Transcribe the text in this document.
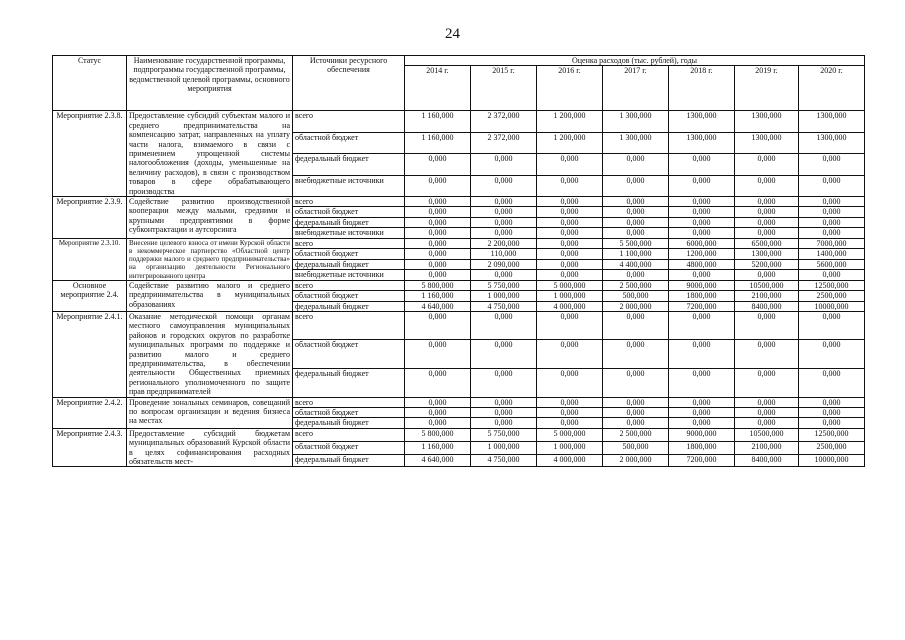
24
Статус	Наименование государственной программы, подпрограммы государственной программы, ведомственной целевой программы, основного мероприятия	Источники ресурсного обеспечения	Оценка расходов (тыс. рублей), годы						
			2014 г.	2015 г.	2016 г.	2017 г.	2018 г.	2019 г.	2020 г.
Мероприятие 2.3.8.	Предоставление субсидий субъектам малого и среднего предпринимательства на компенсацию затрат, направленных на уплату части налога, взимаемого в связи с применением упрощенной системы налогообложения (доходы, уменьшенные на величину расходов), в связи с производством товаров в сфере обрабатывающего производства	всего	1 160,000	2 372,000	1 200,000	1 300,000	1300,000	1300,000	1300,000
		областной бюджет	1 160,000	2 372,000	1 200,000	1 300,000	1300,000	1300,000	1300,000
		федеральный бюджет	0,000	0,000	0,000	0,000	0,000	0,000	0,000
		внебюджетные источники	0,000	0,000	0,000	0,000	0,000	0,000	0,000
Мероприятие 2.3.9.	Содействие развитию производственной кооперации между малыми, средними и крупными предприятиями в форме субконтрактации и аутсорсинга	всего	0,000	0,000	0,000	0,000	0,000	0,000	0,000
		областной бюджет	0,000	0,000	0,000	0,000	0,000	0,000	0,000
		федеральный бюджет	0,000	0,000	0,000	0,000	0,000	0,000	0,000
		внебюджетные источники	0,000	0,000	0,000	0,000	0,000	0,000	0,000
Мероприятие 2.3.10.	Внесение целевого взноса от имени Курской области в некоммерческое партнерство «Областной центр поддержки малого и среднего предпринимательства» на организацию деятельности Регионального интегрированного центра	всего	0,000	2 200,000	0,000	5 500,000	6000,000	6500,000	7000,000
		областной бюджет	0,000	110,000	0,000	1 100,000	1200,000	1300,000	1400,000
		федеральный бюджет	0,000	2 090,000	0,000	4 400,000	4800,000	5200,000	5600,000
		внебюджетные источники	0,000	0,000	0,000	0,000	0,000	0,000	0,000
Основное мероприятие 2.4.	Содействие развитию малого и среднего предпринимательства в муниципальных образованиях	всего	5 800,000	5 750,000	5 000,000	2 500,000	9000,000	10500,000	12500,000
		областной бюджет	1 160,000	1 000,000	1 000,000	500,000	1800,000	2100,000	2500,000
		федеральный бюджет	4 640,000	4 750,000	4 000,000	2 000,000	7200,000	8400,000	10000,000
Мероприятие 2.4.1.	Оказание методической помощи органам местного самоуправления муниципальных районов и городских округов по разработке муниципальных программ по поддержке и развитию малого и среднего предпринимательства, в обеспечении деятельности Общественных приемных регионального уполномоченного по защите прав предпринимателей	всего	0,000	0,000	0,000	0,000	0,000	0,000	0,000
		областной бюджет	0,000	0,000	0,000	0,000	0,000	0,000	0,000
		федеральный бюджет	0,000	0,000	0,000	0,000	0,000	0,000	0,000
Мероприятие 2.4.2.	Проведение зональных семинаров, совещаний по вопросам организации и ведения бизнеса на местах	всего	0,000	0,000	0,000	0,000	0,000	0,000	0,000
		областной бюджет	0,000	0,000	0,000	0,000	0,000	0,000	0,000
		федеральный бюджет	0,000	0,000	0,000	0,000	0,000	0,000	0,000
Мероприятие 2.4.3.	Предоставление субсидий бюджетам муниципальных образований Курской области в целях софинансирования расходных обязательств мест-	всего	5 800,000	5 750,000	5 000,000	2 500,000	9000,000	10500,000	12500,000
		областной бюджет	1 160,000	1 000,000	1 000,000	500,000	1800,000	2100,000	2500,000
		федеральный бюджет	4 640,000	4 750,000	4 000,000	2 000,000	7200,000	8400,000	10000,000
